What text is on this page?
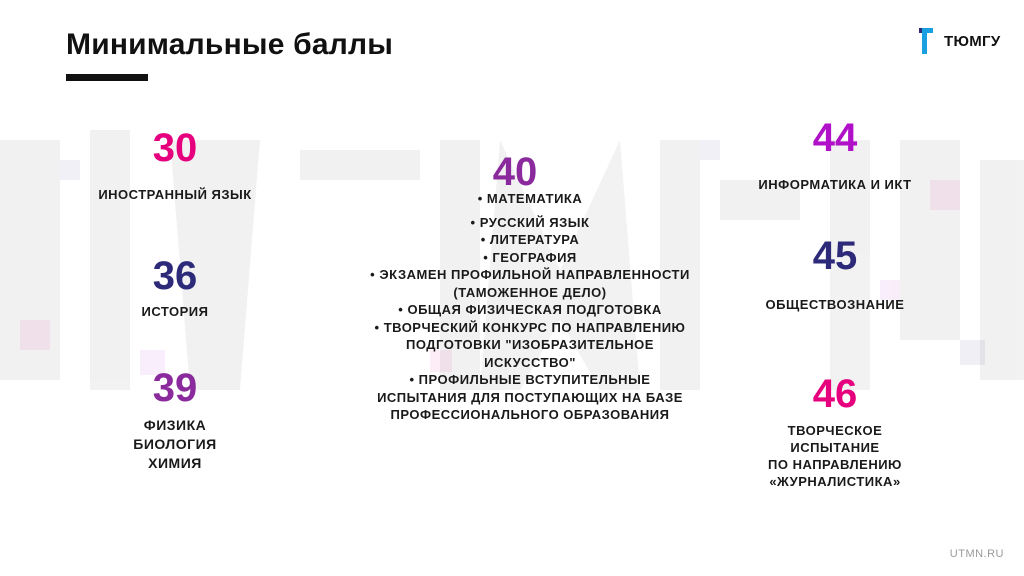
Минимальные баллы	ТЮМГУ
30
ИНОСТРАННЫЙ ЯЗЫК
36
ИСТОРИЯ
39
ФИЗИКА
БИОЛОГИЯ
ХИМИЯ
40
• МАТЕМАТИКА
• РУССКИЙ ЯЗЫК
• ЛИТЕРАТУРА
• ГЕОГРАФИЯ
• ЭКЗАМЕН ПРОФИЛЬНОЙ НАПРАВЛЕННОСТИ
(ТАМОЖЕННОЕ ДЕЛО)
• ОБЩАЯ ФИЗИЧЕСКАЯ ПОДГОТОВКА
• ТВОРЧЕСКИЙ КОНКУРС ПО НАПРАВЛЕНИЮ
ПОДГОТОВКИ "ИЗОБРАЗИТЕЛЬНОЕ
ИСКУССТВО"
• ПРОФИЛЬНЫЕ ВСТУПИТЕЛЬНЫЕ
ИСПЫТАНИЯ ДЛЯ ПОСТУПАЮЩИХ НА БАЗЕ
ПРОФЕССИОНАЛЬНОГО ОБРАЗОВАНИЯ
44
ИНФОРМАТИКА И ИКТ
45
ОБЩЕСТВОЗНАНИЕ
46
ТВОРЧЕСКОЕ
ИСПЫТАНИЕ
ПО НАПРАВЛЕНИЮ
«ЖУРНАЛИСТИКА»
UTMN.RU
